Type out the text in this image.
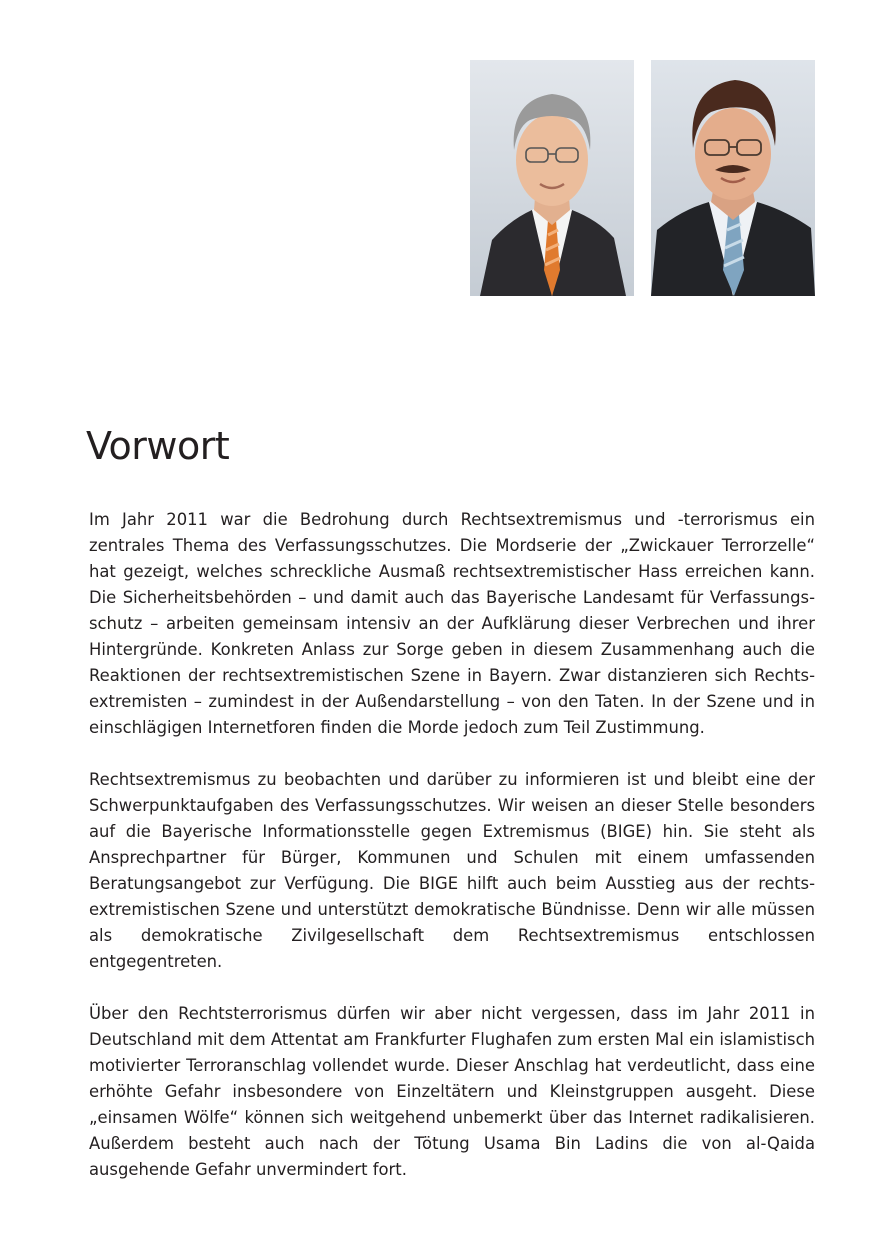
Vorwort

Im Jahr 2011 war die Bedrohung durch Rechtsextremismus und -terrorismus ein zentrales Thema des Verfassungsschutzes. Die Mordserie der „Zwickauer Terrorzelle“ hat gezeigt, welches schreckliche Ausmaß rechtsextremistischer Hass erreichen kann. Die Sicherheitsbehörden – und damit auch das Bayerische Landesamt für Verfassungsschutz – arbeiten gemeinsam intensiv an der Aufklärung dieser Verbrechen und ihrer Hintergründe. Konkreten Anlass zur Sorge geben in diesem Zusammenhang auch die Reaktionen der rechtsextremistischen Szene in Bayern. Zwar distanzieren sich Rechtsextremisten – zumindest in der Außendarstellung – von den Taten. In der Szene und in einschlägigen Internetforen finden die Morde jedoch zum Teil Zustimmung.

Rechtsextremismus zu beobachten und darüber zu informieren ist und bleibt eine der Schwerpunktaufgaben des Verfassungsschutzes. Wir weisen an dieser Stelle besonders auf die Bayerische Informationsstelle gegen Extremismus (BIGE) hin. Sie steht als Ansprechpartner für Bürger, Kommunen und Schulen mit einem umfassenden Beratungsangebot zur Verfügung. Die BIGE hilft auch beim Ausstieg aus der rechtsextremistischen Szene und unterstützt demokratische Bündnisse. Denn wir alle müssen als demokratische Zivilgesellschaft dem Rechtsextremismus entschlossen entgegentreten.

Über den Rechtsterrorismus dürfen wir aber nicht vergessen, dass im Jahr 2011 in Deutschland mit dem Attentat am Frankfurter Flughafen zum ersten Mal ein islamistisch motivierter Terroranschlag vollendet wurde. Dieser Anschlag hat verdeutlicht, dass eine erhöhte Gefahr insbesondere von Einzeltätern und Kleinstgruppen ausgeht. Diese „einsamen Wölfe“ können sich weitgehend unbemerkt über das Internet radikalisieren. Außerdem besteht auch nach der Tötung Usama Bin Ladins die von al-Qaida ausgehende Gefahr unvermindert fort.
